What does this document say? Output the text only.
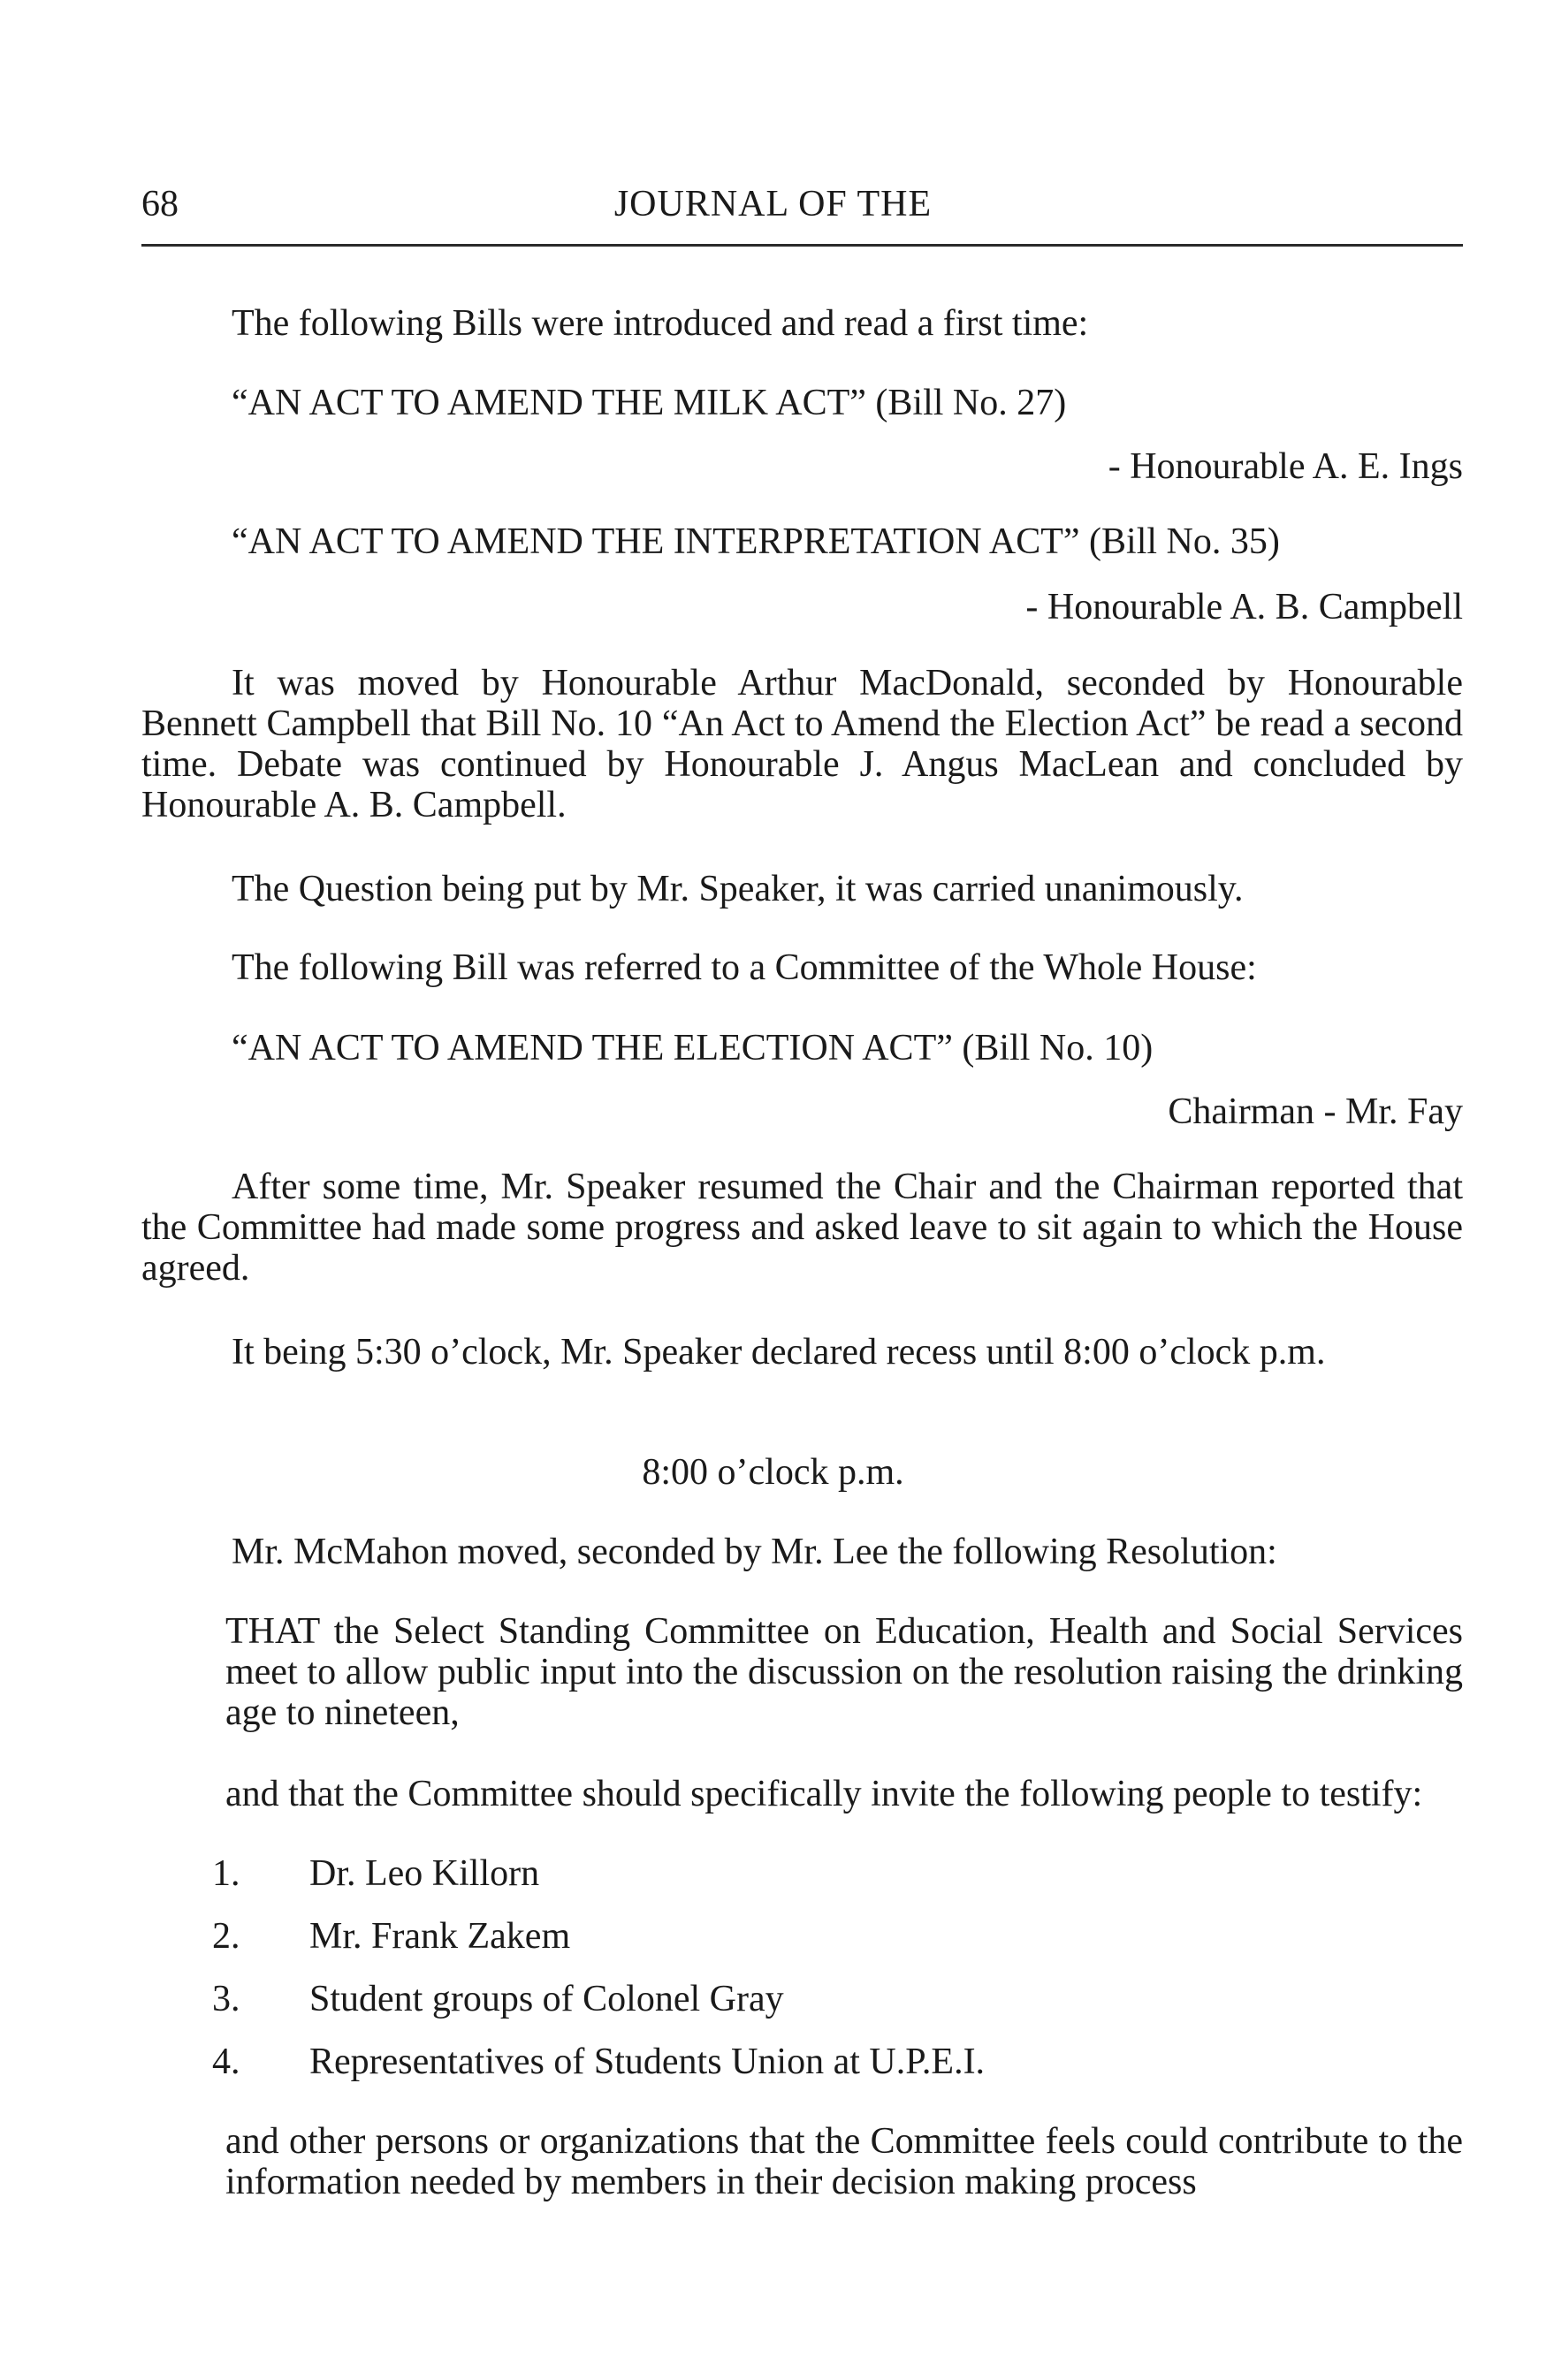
68	JOURNAL OF THE

The following Bills were introduced and read a first time:

“AN ACT TO AMEND THE MILK ACT” (Bill No. 27)

- Honourable A. E. Ings

“AN ACT TO AMEND THE INTERPRETATION ACT” (Bill No. 35)

- Honourable A. B. Campbell

It was moved by Honourable Arthur MacDonald, seconded by Honourable Bennett Campbell that Bill No. 10 “An Act to Amend the Election Act” be read a second time. Debate was continued by Honourable J. Angus MacLean and concluded by Honourable A. B. Campbell.

The Question being put by Mr. Speaker, it was carried unanimously.

The following Bill was referred to a Committee of the Whole House:

“AN ACT TO AMEND THE ELECTION ACT” (Bill No. 10)

Chairman - Mr. Fay

After some time, Mr. Speaker resumed the Chair and the Chairman reported that the Committee had made some progress and asked leave to sit again to which the House agreed.

It being 5:30 o’clock, Mr. Speaker declared recess until 8:00 o’clock p.m.

8:00 o’clock p.m.

Mr. McMahon moved, seconded by Mr. Lee the following Resolution:

THAT the Select Standing Committee on Education, Health and Social Services meet to allow public input into the discussion on the resolution raising the drinking age to nineteen,

and that the Committee should specifically invite the following people to testify:

1. Dr. Leo Killorn

2. Mr. Frank Zakem

3. Student groups of Colonel Gray

4. Representatives of Students Union at U.P.E.I.

and other persons or organizations that the Committee feels could contribute to the information needed by members in their decision making process
